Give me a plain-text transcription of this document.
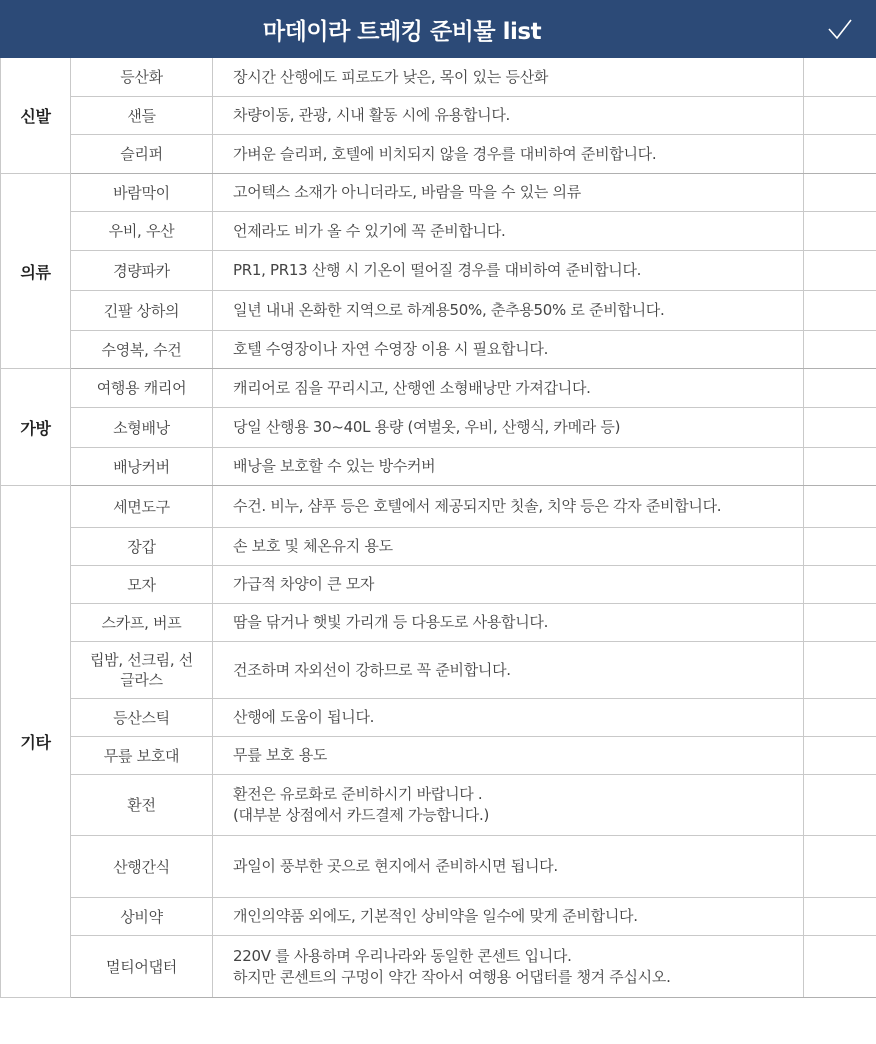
마데이라 트레킹 준비물 list	
신발	등산화	장시간 산행에도 피로도가 낮은, 목이 있는 등산화	

	샌들	차량이동, 관광, 시내 활동 시에 유용합니다.	

	슬리퍼	가벼운 슬리퍼, 호텔에 비치되지 않을 경우를 대비하여 준비합니다.	

의류	바람막이	고어텍스 소재가 아니더라도, 바람을 막을 수 있는 의류	

	우비, 우산	언제라도 비가 올 수 있기에 꼭 준비합니다.	

	경량파카	PR1, PR13 산행 시 기온이 떨어질 경우를 대비하여 준비합니다.	

	긴팔 상하의	일년 내내 온화한 지역으로 하계용50%, 춘추용50% 로 준비합니다.	

	수영복, 수건	호텔 수영장이나 자연 수영장 이용 시 필요합니다.	

가방	여행용 캐리어	캐리어로 짐을 꾸리시고, 산행엔 소형배낭만 가져갑니다.	

	소형배낭	당일 산행용 30~40L 용량 (여벌옷, 우비, 산행식, 카메라 등)	

	배낭커버	배낭을 보호할 수 있는 방수커버	

기타	세면도구	수건. 비누, 샴푸 등은 호텔에서 제공되지만 칫솔, 치약 등은 각자 준비합니다.	

	장갑	손 보호 및 체온유지 용도	

	모자	가급적 차양이 큰 모자	

	스카프, 버프	땀을 닦거나 햇빛 가리개 등 다용도로 사용합니다.	

	립밤, 선크림, 선글라스	건조하며 자외선이 강하므로 꼭 준비합니다.	

	등산스틱	산행에 도움이 됩니다.	

	무릎 보호대	무릎 보호 용도	

	환전	환전은 유로화로 준비하시기 바랍니다 .
(대부분 상점에서 카드결제 가능합니다.)	

	산행간식	과일이 풍부한 곳으로 현지에서 준비하시면 됩니다.	

	상비약	개인의약품 외에도, 기본적인 상비약을 일수에 맞게 준비합니다.	

	멀티어댑터	220V 를 사용하며 우리나라와 동일한 콘센트 입니다.
하지만 콘센트의 구멍이 약간 작아서 여행용 어댑터를 챙겨 주십시오.	
